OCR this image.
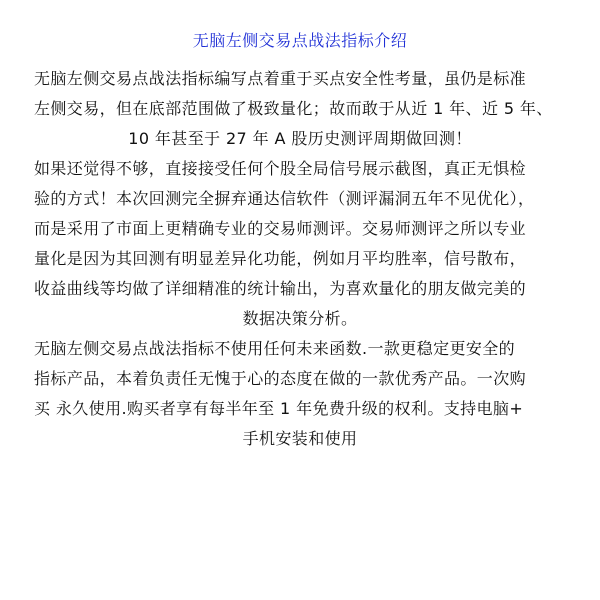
无脑左侧交易点战法指标介绍

无脑左侧交易点战法指标编写点着重于买点安全性考量，虽仍是标准

左侧交易，但在底部范围做了极致量化；故而敢于从近 1 年、近 5 年、

10 年甚至于 27 年 A 股历史测评周期做回测！

如果还觉得不够，直接接受任何个股全局信号展示截图，真正无惧检

验的方式！本次回测完全摒弃通达信软件（测评漏洞五年不见优化），

而是采用了市面上更精确专业的交易师测评。交易师测评之所以专业

量化是因为其回测有明显差异化功能，例如月平均胜率，信号散布，

收益曲线等均做了详细精准的统计输出，为喜欢量化的朋友做完美的

数据决策分析。

无脑左侧交易点战法指标不使用任何未来函数.一款更稳定更安全的

指标产品，本着负责任无愧于心的态度在做的一款优秀产品。一次购

买 永久使用.购买者享有每半年至 1 年免费升级的权利。支持电脑+

手机安装和使用
